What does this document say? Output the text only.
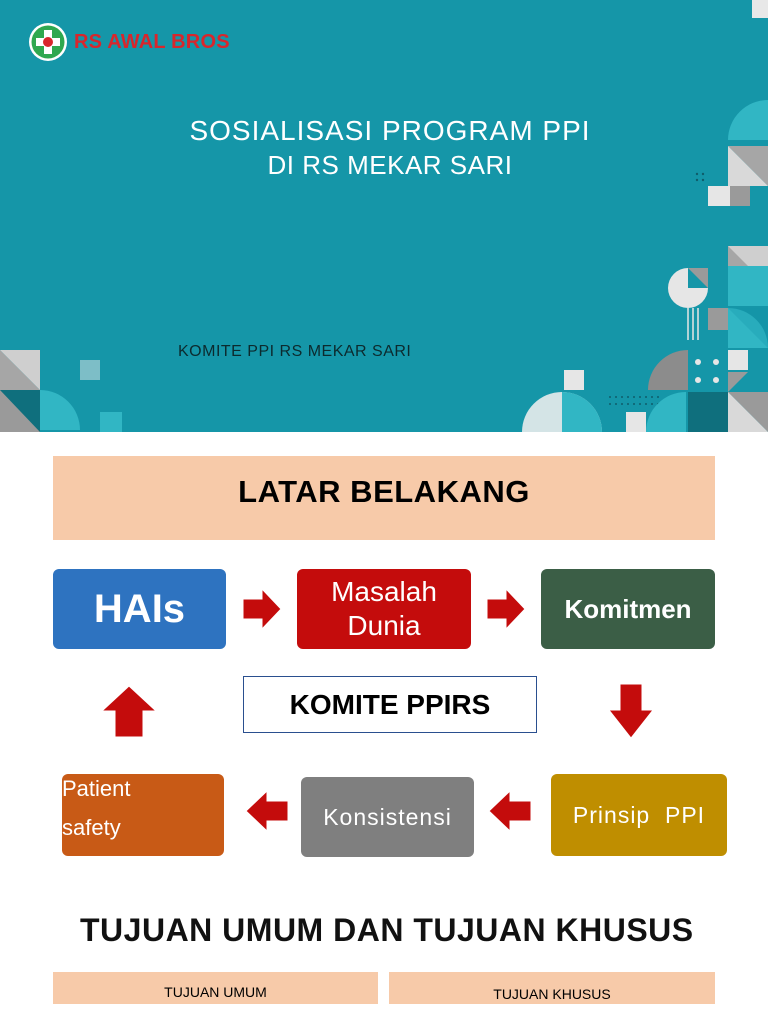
RS AWAL BROS
SOSIALISASI PROGRAM PPI
DI RS MEKAR SARI
KOMITE PPI RS MEKAR SARI
LATAR BELAKANG
HAIs	Masalah
Dunia
Komitmen
KOMITE PPIRS
Patient
safety	Konsistensi	Prinsip  PPI
TUJUAN UMUM DAN TUJUAN KHUSUS
TUJUAN UMUM	TUJUAN KHUSUS
